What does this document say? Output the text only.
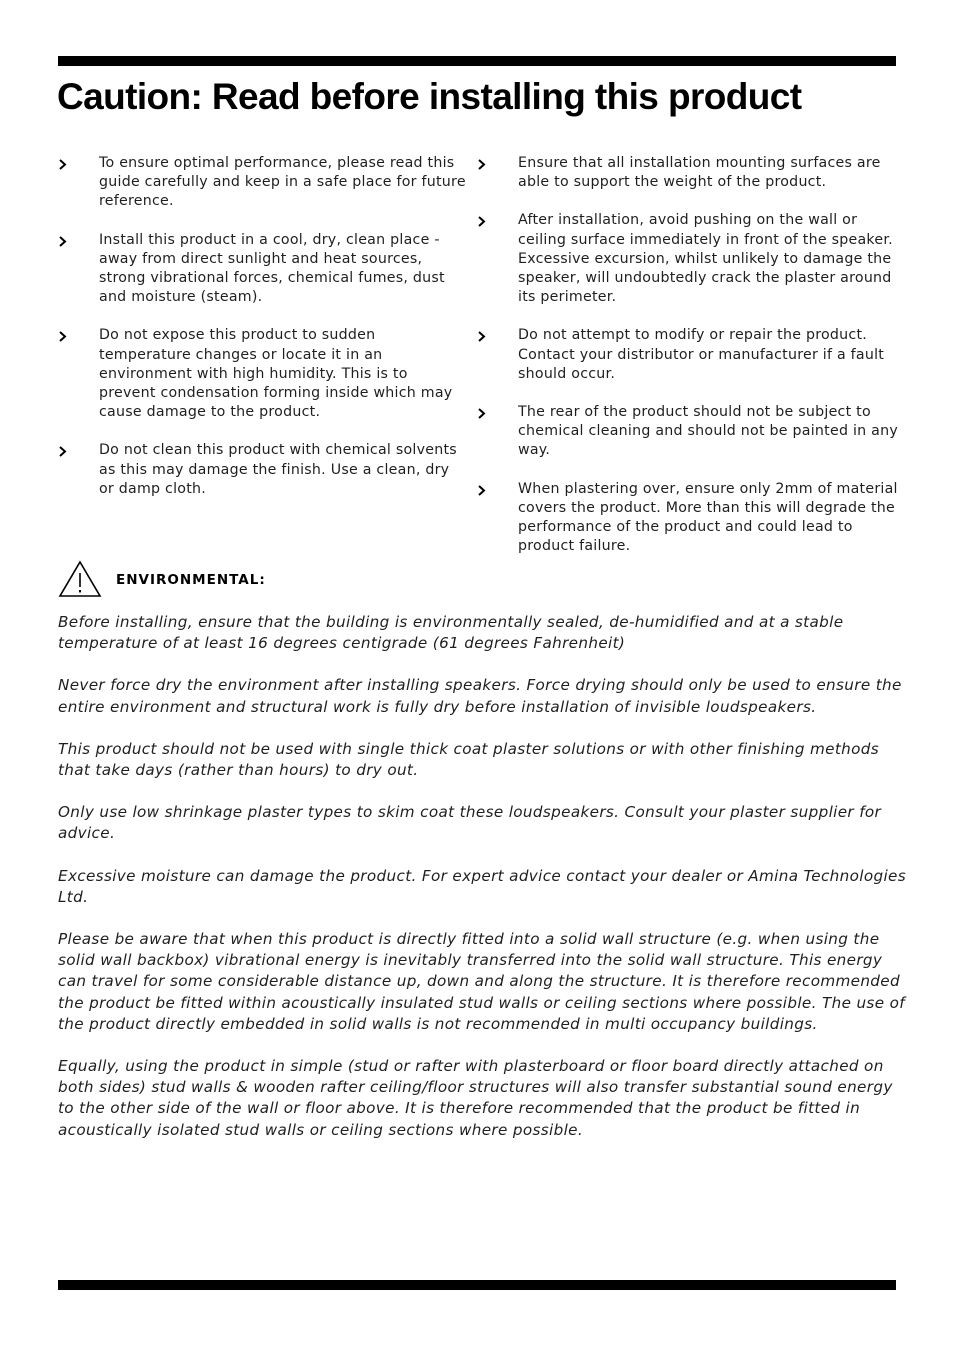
Caution: Read before installing this product
To ensure optimal performance, please read this guide carefully and keep in a safe place for future reference.
Install this product in a cool, dry, clean place - away from direct sunlight and heat sources, strong vibrational forces, chemical fumes, dust and moisture (steam).
Do not expose this product to sudden temperature changes or locate it in an environment with high humidity. This is to prevent condensation forming inside which may cause damage to the product.
Do not clean this product with chemical solvents as this may damage the finish. Use a clean, dry or damp cloth.
Ensure that all installation mounting surfaces are able to support the weight of the product.
After installation, avoid pushing on the wall or ceiling surface immediately in front of the speaker. Excessive excursion, whilst unlikely to damage the speaker, will undoubtedly crack the plaster around its perimeter.
Do not attempt to modify or repair the product. Contact your distributor or manufacturer if a fault should occur.
The rear of the product should not be subject to chemical cleaning and should not be painted in any way.
When plastering over, ensure only 2mm of material covers the product. More than this will degrade the performance of the product and could lead to product failure.
ENVIRONMENTAL:

Before installing, ensure that the building is environmentally sealed, de-humidified and at a stable temperature of at least 16 degrees centigrade (61 degrees Fahrenheit)

Never force dry the environment after installing speakers. Force drying should only be used to ensure the entire environment and structural work is fully dry before installation of invisible loudspeakers.

This product should not be used with single thick coat plaster solutions or with other finishing methods that take days (rather than hours) to dry out.

Only use low shrinkage plaster types to skim coat these loudspeakers. Consult your plaster supplier for advice.

Excessive moisture can damage the product. For expert advice contact your dealer or Amina Technologies Ltd.

Please be aware that when this product is directly fitted into a solid wall structure (e.g. when using the solid wall backbox) vibrational energy is inevitably transferred into the solid wall structure. This energy can travel for some considerable distance up, down and along the structure. It is therefore recommended the product be fitted within acoustically insulated stud walls or ceiling sections where possible. The use of the product directly embedded in solid walls is not recommended in multi occupancy buildings.

Equally, using the product in simple (stud or rafter with plasterboard or floor board directly attached on both sides) stud walls & wooden rafter ceiling/floor structures will also transfer substantial sound energy to the other side of the wall or floor above. It is therefore recommended that the product be fitted in acoustically isolated stud walls or ceiling sections where possible.
